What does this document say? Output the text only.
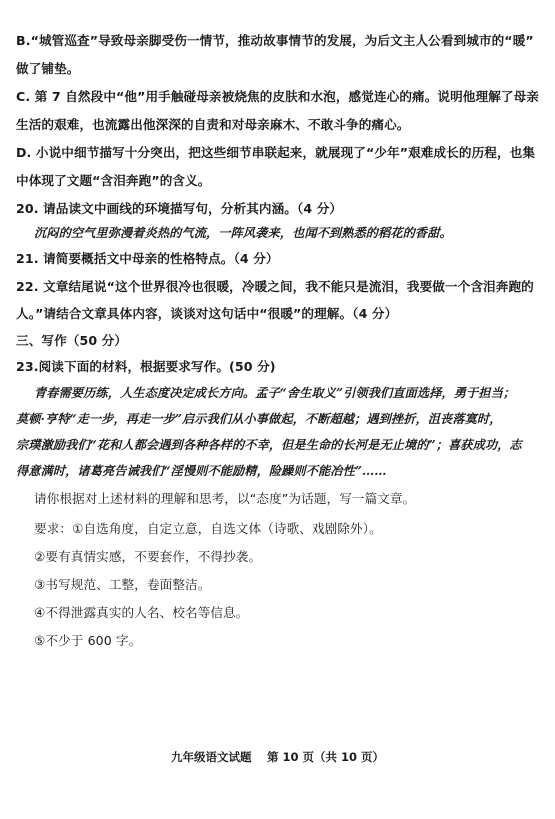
B.“城管巡查”导致母亲脚受伤一情节，推动故事情节的发展，为后文主人公看到城市的“暖”
做了铺垫。
C. 第 7 自然段中“他”用手触碰母亲被烧焦的皮肤和水泡，感觉连心的痛。说明他理解了母亲
生活的艰难，也流露出他深深的自责和对母亲麻木、不敢斗争的痛心。
D. 小说中细节描写十分突出，把这些细节串联起来，就展现了“少年”艰难成长的历程，也集
中体现了文题“含泪奔跑”的含义。
20. 请品读文中画线的环境描写句，分析其内涵。（4 分）
沉闷的空气里弥漫着炎热的气流，一阵风袭来，也闻不到熟悉的稻花的香甜。
21. 请简要概括文中母亲的性格特点。（4 分）
22. 文章结尾说“这个世界很冷也很暖，冷暖之间，我不能只是流泪，我要做一个含泪奔跑的
人。”请结合文章具体内容，谈谈对这句话中“很暖”的理解。（4 分）
三、写作（50 分）
23.阅读下面的材料，根据要求写作。(50 分)
青春需要历练，人生态度决定成长方向。孟子“舍生取义”引领我们直面选择，勇于担当；
莫顿·亨特“走一步，再走一步”启示我们从小事做起，不断超越；遇到挫折，沮丧落寞时，
宗璞激励我们“花和人都会遇到各种各样的不幸，但是生命的长河是无止境的”；喜获成功，志
得意满时，诸葛亮告诫我们“淫慢则不能励精，险躁则不能冶性”……
请你根据对上述材料的理解和思考，以“态度”为话题，写一篇文章。
要求：①自选角度，自定立意，自选文体（诗歌、戏剧除外）。
②要有真情实感，不要套作，不得抄袭。
③书写规范、工整，卷面整洁。
④不得泄露真实的人名、校名等信息。
⑤不少于 600 字。
九年级语文试题　 第 10 页（共 10 页）
